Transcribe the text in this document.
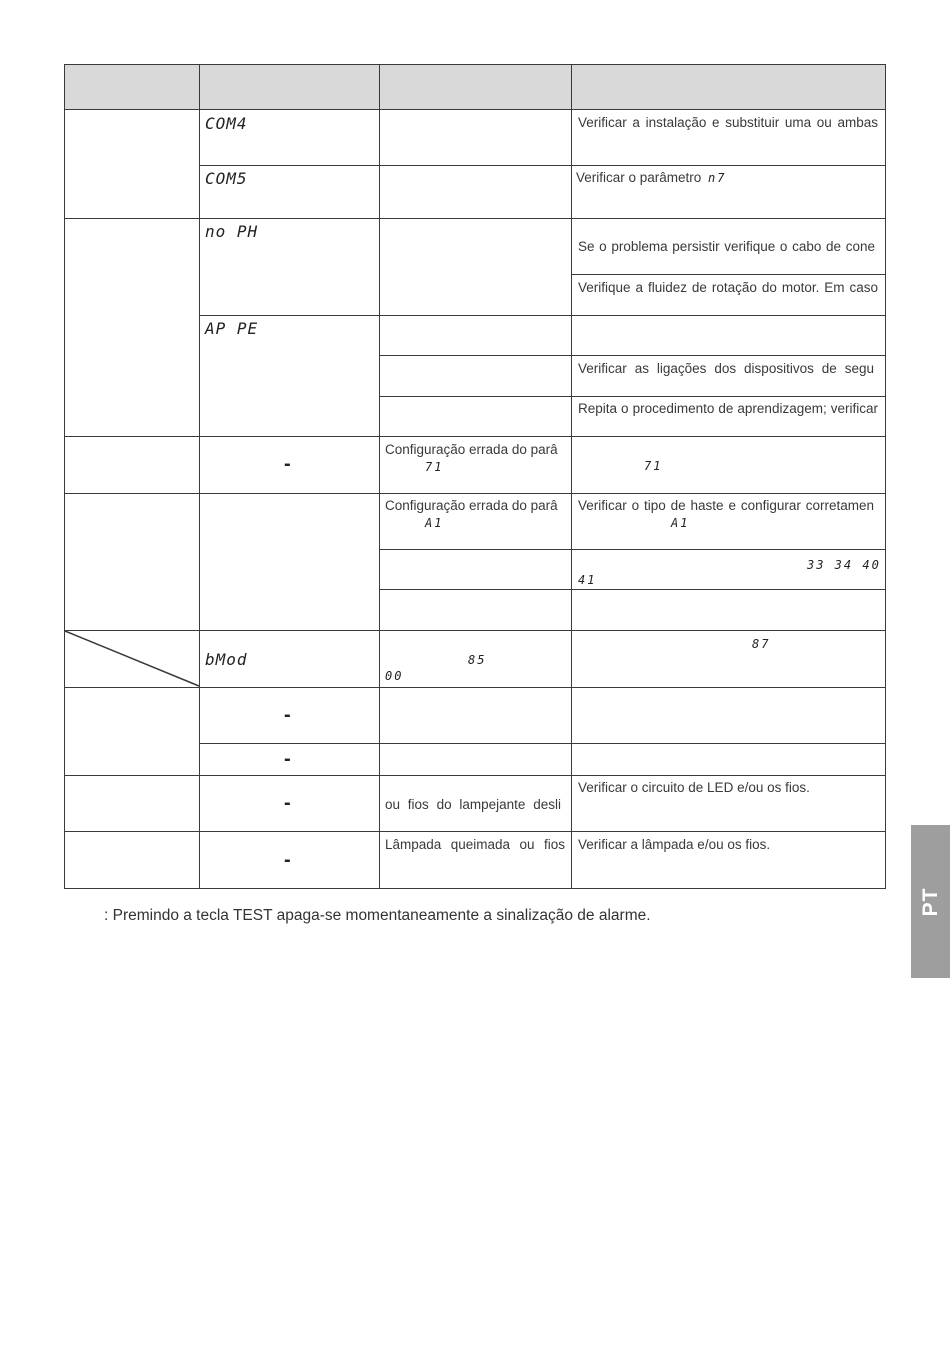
COM4
COM5
no PH
AP PE
bMod
-
-
-
-
-
Verificar a instalação e substituir uma ou ambas
Verificar o parâmetro n7
Se o problema persistir verifique o cabo de cone
Verifique a fluidez de rotação do motor. Em caso
Verificar as ligações dos dispositivos de segu
Repita o procedimento de aprendizagem; verificar
71
Verificar o tipo de haste e configurar corretamen
A1
33 34 40
41
87
Verificar o circuito de LED e/ou os fios.
Verificar a lâmpada e/ou os fios.
Configuração errada do parâ
71
Configuração errada do parâ
A1
85
00
ou fios do lampejante desli
Lâmpada queimada ou fios
: Premindo a tecla TEST apaga-se momentaneamente a sinalização de alarme.	PT
